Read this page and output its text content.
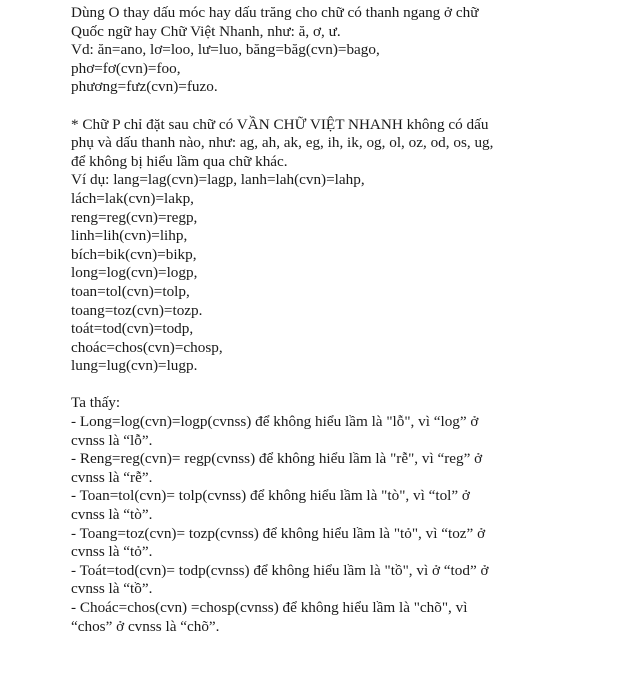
Dùng O thay dấu móc hay dấu trăng cho chữ có thanh ngang ở chữ
Quốc ngữ hay Chữ Việt Nhanh, như: ă, ơ, ư.
Vd: ăn=ano, lơ=loo, lư=luo, băng=băg(cvn)=bago,
phơ=fơ(cvn)=foo,
phương=fưz(cvn)=fuzo.
* Chữ P chỉ đặt sau chữ có VẦN CHỮ VIỆT NHANH không có dấu
phụ và dấu thanh nào, như: ag, ah, ak, eg, ih, ik, og, ol, oz, od, os, ug,
để không bị hiểu lầm qua chữ khác.
Ví dụ: lang=lag(cvn)=lagp, lanh=lah(cvn)=lahp,
lách=lak(cvn)=lakp,
reng=reg(cvn)=regp,
linh=lih(cvn)=lihp,
bích=bik(cvn)=bikp,
long=log(cvn)=logp,
toan=tol(cvn)=tolp,
toang=toz(cvn)=tozp.
toát=tod(cvn)=todp,
choác=chos(cvn)=chosp,
lung=lug(cvn)=lugp.
Ta thấy:
- Long=log(cvn)=logp(cvnss) để không hiểu lầm là "lỗ", vì “log” ở
cvnss là “lỗ”.
- Reng=reg(cvn)= regp(cvnss) để không hiểu lầm là "rễ", vì “reg” ở
cvnss là “rễ”.
- Toan=tol(cvn)= tolp(cvnss) để không hiểu lầm là "tò", vì “tol” ở
cvnss là “tò”.
- Toang=toz(cvn)= tozp(cvnss) để không hiểu lầm là "tỏ", vì “toz” ở
cvnss là “tỏ”.
- Toát=tod(cvn)= todp(cvnss) để không hiểu lầm là "tồ", vì ở “tod” ở
cvnss là “tồ”.
- Choác=chos(cvn) =chosp(cvnss) để không hiểu lầm là "chõ", vì
“chos” ở cvnss là “chõ”.
